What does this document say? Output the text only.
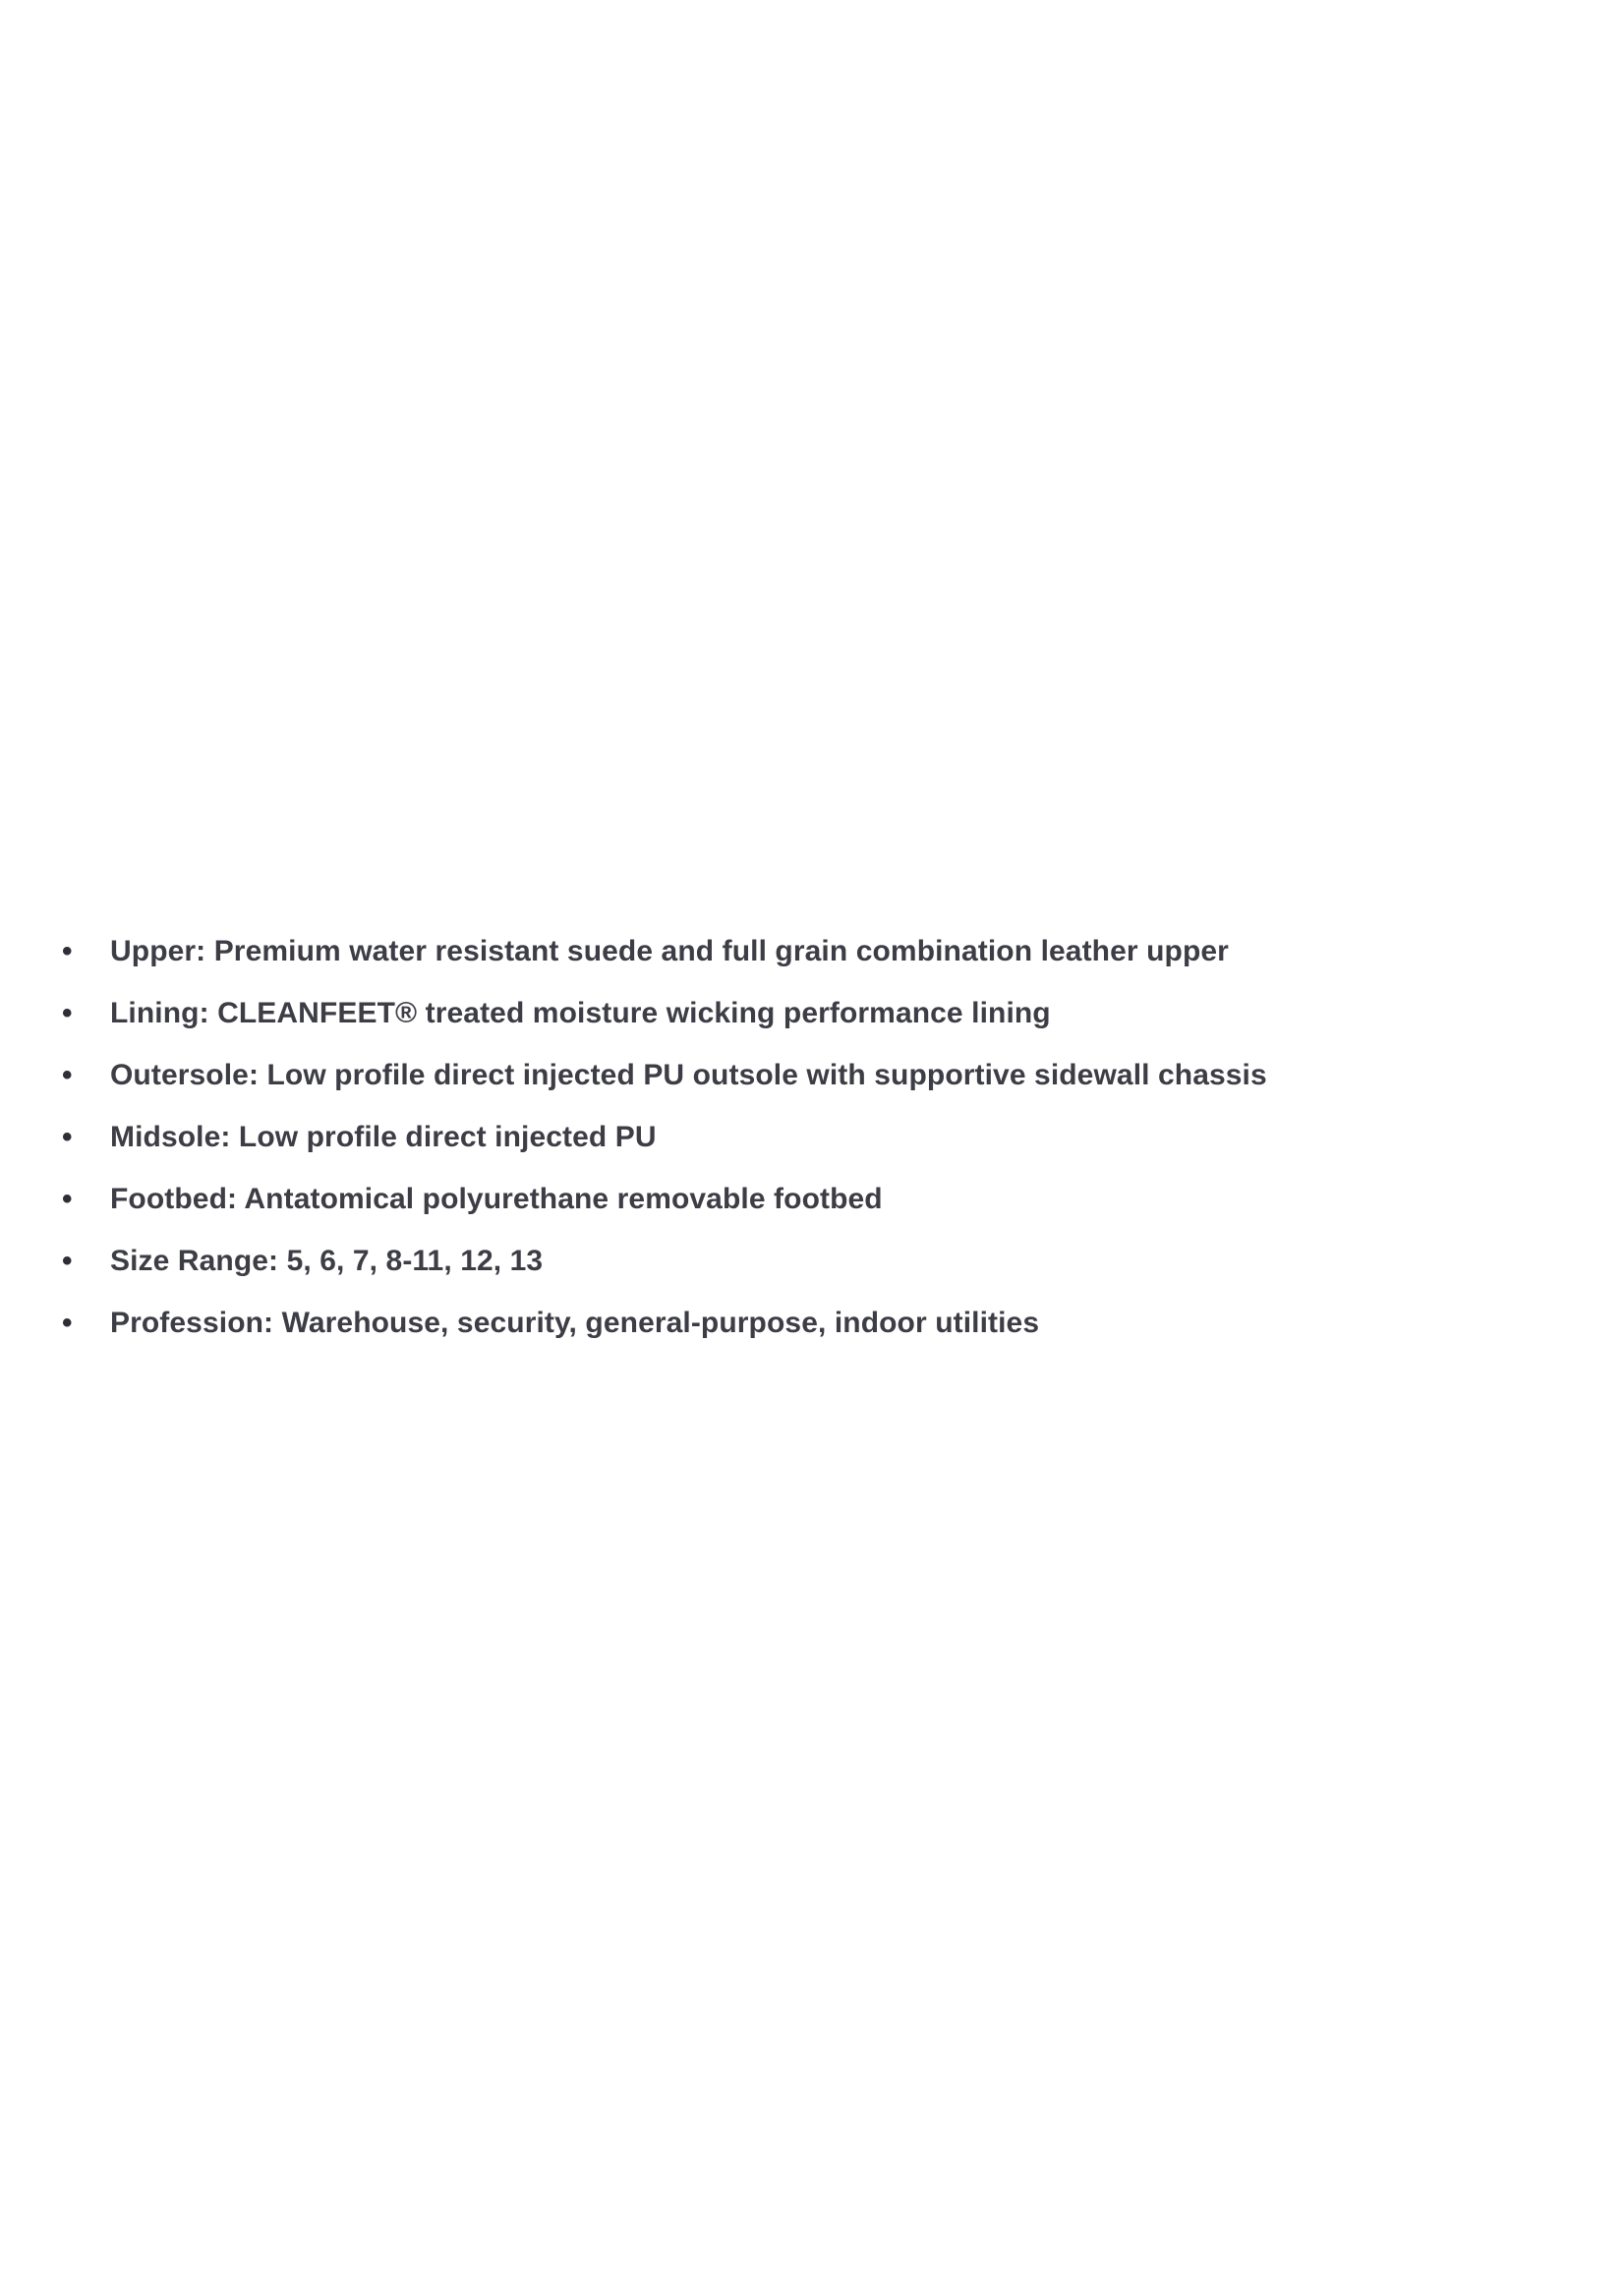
•	Upper: Premium water resistant suede and full grain combination leather upper
•	Lining: CLEANFEET® treated moisture wicking performance lining
•	Outersole: Low profile direct injected PU outsole with supportive sidewall chassis
•	Midsole: Low profile direct injected PU
•	Footbed: Antatomical polyurethane removable footbed
•	Size Range: 5, 6, 7, 8-11, 12, 13
•	Profession: Warehouse, security, general-purpose, indoor utilities
